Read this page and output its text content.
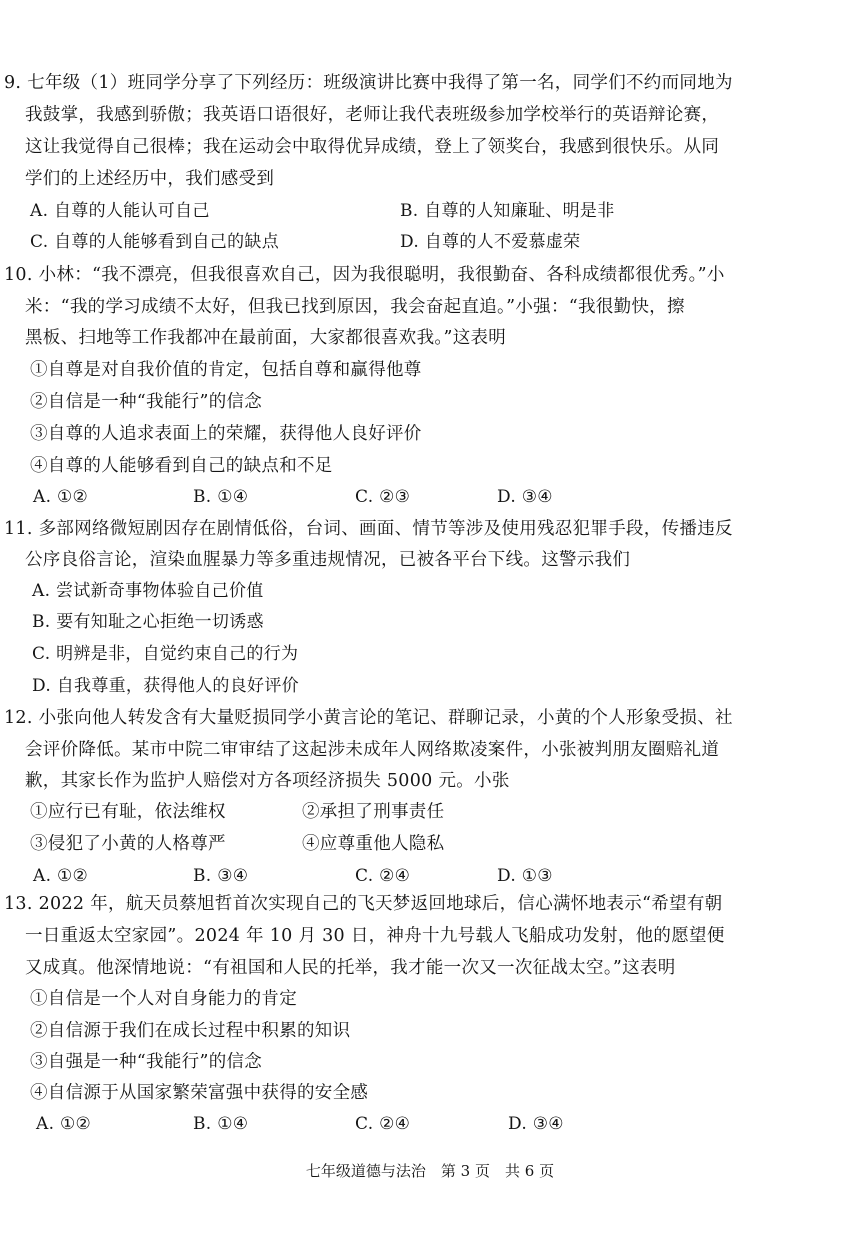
9. 七年级（1）班同学分享了下列经历：班级演讲比赛中我得了第一名，同学们不约而同地为
我鼓掌，我感到骄傲；我英语口语很好，老师让我代表班级参加学校举行的英语辩论赛，
这让我觉得自己很棒；我在运动会中取得优异成绩，登上了领奖台，我感到很快乐。从同
学们的上述经历中，我们感受到
A. 自尊的人能认可自己	B. 自尊的人知廉耻、明是非
C. 自尊的人能够看到自己的缺点	D. 自尊的人不爱慕虚荣
10. 小林：“我不漂亮，但我很喜欢自己，因为我很聪明，我很勤奋、各科成绩都很优秀。”小
米：“我的学习成绩不太好，但我已找到原因，我会奋起直追。”小强：“我很勤快，擦
黑板、扫地等工作我都冲在最前面，大家都很喜欢我。”这表明
①自尊是对自我价值的肯定，包括自尊和赢得他尊
②自信是一种“我能行”的信念
③自尊的人追求表面上的荣耀，获得他人良好评价
④自尊的人能够看到自己的缺点和不足
A. ①②	B. ①④	C. ②③	D. ③④
11. 多部网络微短剧因存在剧情低俗，台词、画面、情节等涉及使用残忍犯罪手段，传播违反
公序良俗言论，渲染血腥暴力等多重违规情况，已被各平台下线。这警示我们
A. 尝试新奇事物体验自己价值
B. 要有知耻之心拒绝一切诱惑
C. 明辨是非，自觉约束自己的行为
D. 自我尊重，获得他人的良好评价
12. 小张向他人转发含有大量贬损同学小黄言论的笔记、群聊记录，小黄的个人形象受损、社
会评价降低。某市中院二审审结了这起涉未成年人网络欺凌案件，小张被判朋友圈赔礼道
歉，其家长作为监护人赔偿对方各项经济损失 5000 元。小张
①应行已有耻，依法维权	②承担了刑事责任
③侵犯了小黄的人格尊严	④应尊重他人隐私
A. ①②	B. ③④	C. ②④	D. ①③
13. 2022 年，航天员蔡旭哲首次实现自己的飞天梦返回地球后，信心满怀地表示“希望有朝
一日重返太空家园”。2024 年 10 月 30 日，神舟十九号载人飞船成功发射，他的愿望便
又成真。他深情地说：“有祖国和人民的托举，我才能一次又一次征战太空。”这表明
①自信是一个人对自身能力的肯定
②自信源于我们在成长过程中积累的知识
③自强是一种“我能行”的信念
④自信源于从国家繁荣富强中获得的安全感
A. ①②	B. ①④	C. ②④	D. ③④
七年级道德与法治　第 3 页　共 6 页
